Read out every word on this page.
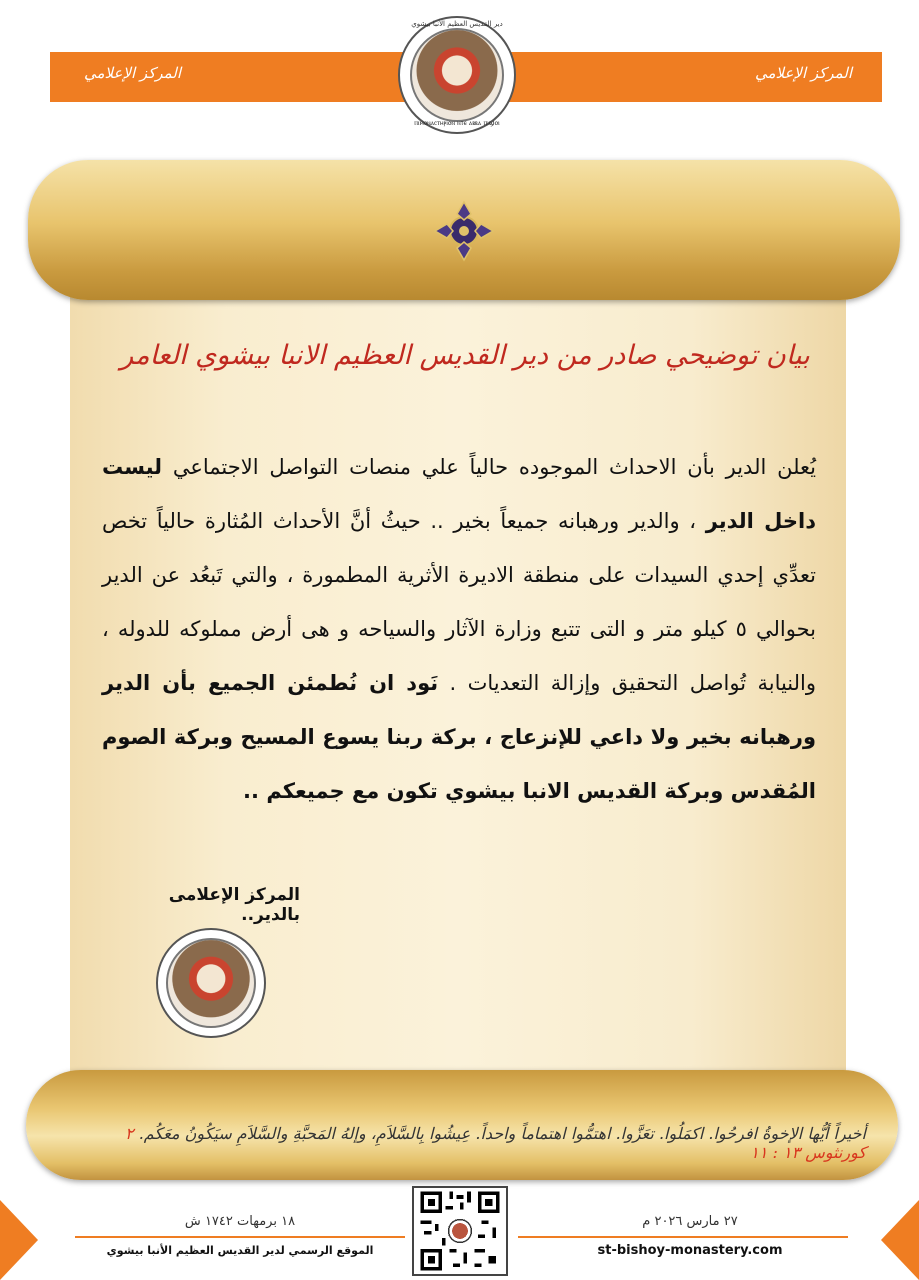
المركز الإعلامي	المركز الإعلامي
دير القديس العظيم الأنبا بيشوي
ⲡⲓⲙⲟⲛⲁⲥⲧⲏⲣⲓⲟⲛ ⲛⲧⲉ ⲁⲃⲃⲁ ⲡⲓϣⲟⲓ
بيان توضيحي صادر من دير القديس العظيم الانبا بيشوي العامر
يُعلن الدير بأن الاحداث الموجوده حالياً علي منصات التواصل الاجتماعي ليست داخل الدير ، والدير ورهبانه جميعاً بخير .. حيثُ أنَّ الأحداث المُثارة حالياً تخص تعدِّي إحدي السيدات على منطقة الاديرة الأثرية المطمورة ، والتي تَبعُد عن الدير بحوالي ٥ كيلو متر و التى تتبع وزارة الآثار والسياحه و هى أرض مملوكه للدوله ، والنيابة تُواصل التحقيق وإزالة التعديات . نَود ان نُطمئن الجميع بأن الدير ورهبانه بخير ولا داعي للإنزعاج ، بركة ربنا يسوع المسيح وبركة الصوم المُقدس وبركة القديس الانبا بيشوي تكون مع جميعكم ..
المركز الإعلامى بالدير..
أخيراً أيُّها الإخوةُ افرحُوا. اكمَلُوا. تعَزَّوا. اهتمُّوا اهتماماً واحداً. عِيشُوا بِالسَّلاَمِ، وإلهُ المَحبَّةِ والسَّلاَمِ سيَكُونُ معَكُم. ٢ كورنثوس ١٣ : ١١
١٨ برمهات ١٧٤٢ ش
الموقع الرسمي لدير القديس العظيم الأنبا بيشوي
٢٧ مارس ٢٠٢٦ م
st-bishoy-monastery.com
